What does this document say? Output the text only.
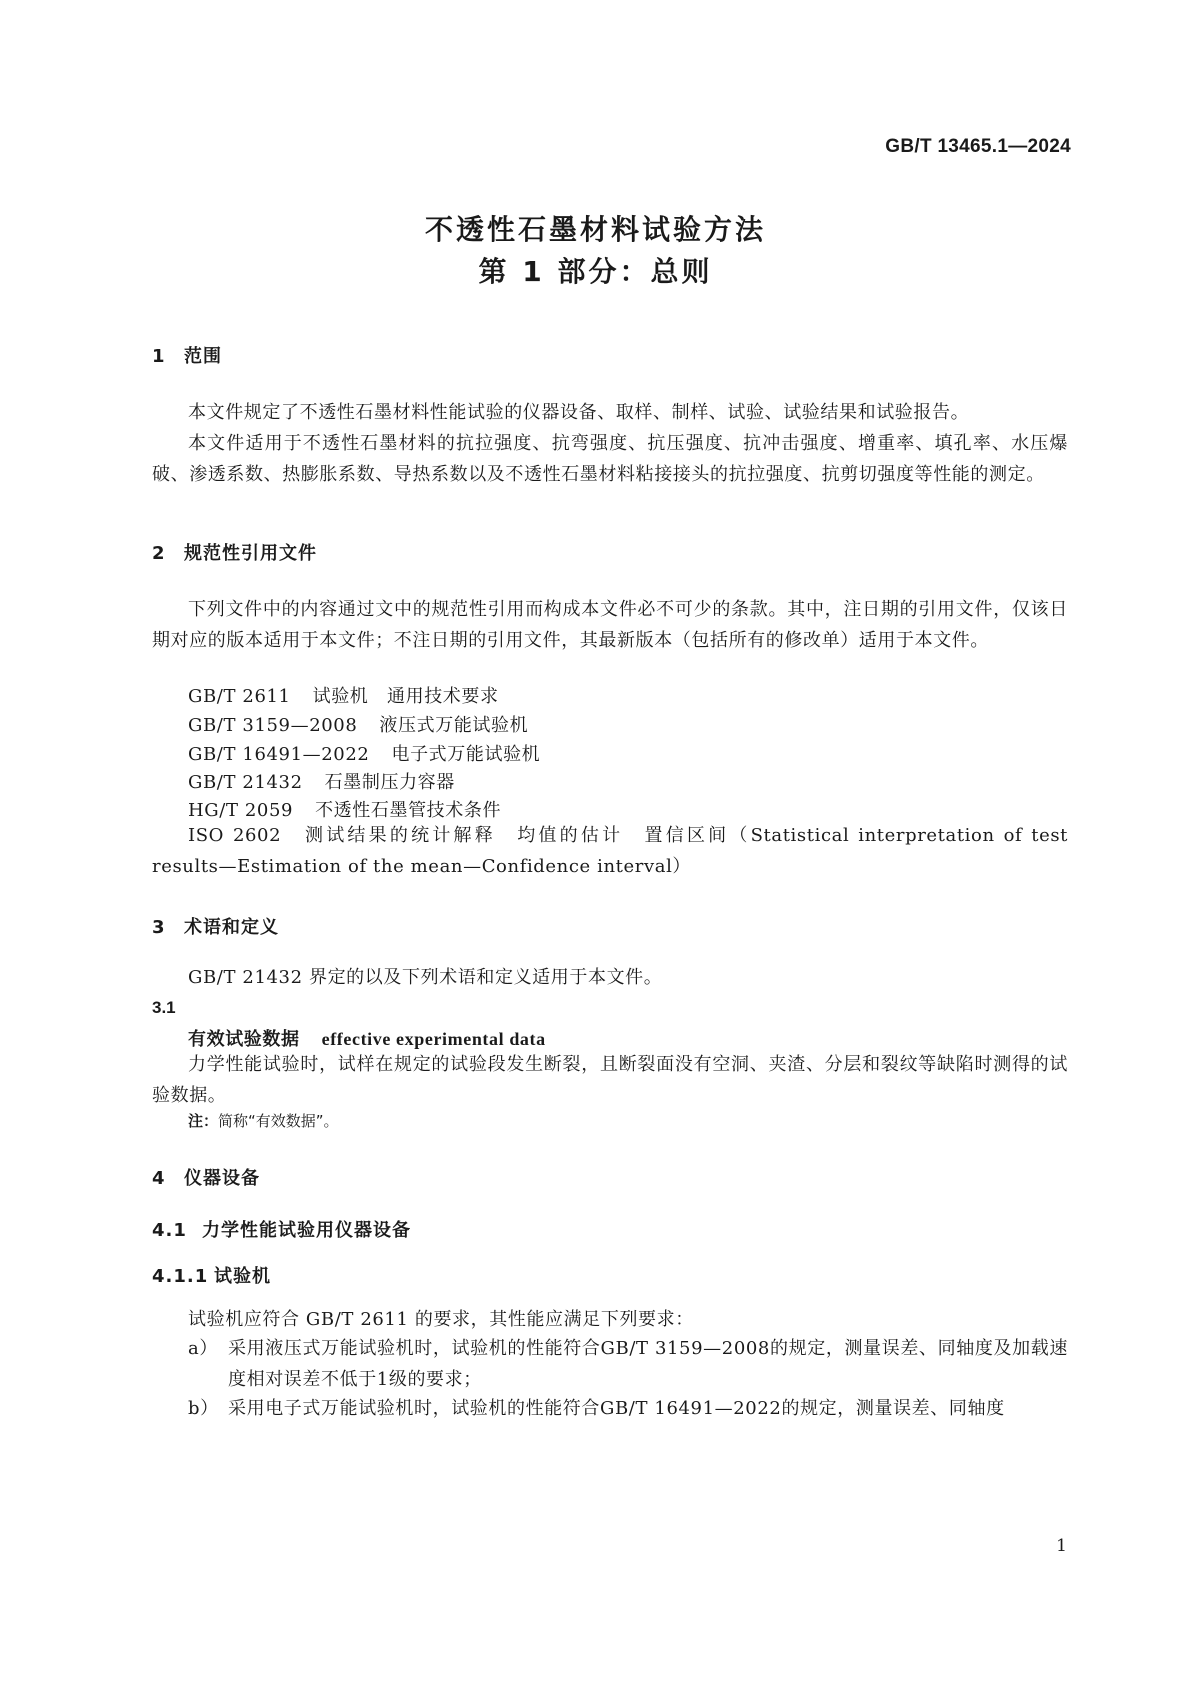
GB/T 13465.1—2024
不透性石墨材料试验方法
第 1 部分：总则
1 范围
本文件规定了不透性石墨材料性能试验的仪器设备、取样、制样、试验、试验结果和试验报告。
本文件适用于不透性石墨材料的抗拉强度、抗弯强度、抗压强度、抗冲击强度、增重率、填孔率、水压爆破、渗透系数、热膨胀系数、导热系数以及不透性石墨材料粘接接头的抗拉强度、抗剪切强度等性能的测定。
2 规范性引用文件
下列文件中的内容通过文中的规范性引用而构成本文件必不可少的条款。其中，注日期的引用文件，仅该日期对应的版本适用于本文件；不注日期的引用文件，其最新版本（包括所有的修改单）适用于本文件。
GB/T 2611 试验机　通用技术要求
GB/T 3159—2008 液压式万能试验机
GB/T 16491—2022 电子式万能试验机
GB/T 21432 石墨制压力容器
HG/T 2059 不透性石墨管技术条件
ISO 2602　测试结果的统计解释　均值的估计　置信区间（Statistical interpretation of test results—Estimation of the mean—Confidence interval）
3 术语和定义
GB/T 21432 界定的以及下列术语和定义适用于本文件。
3.1
有效试验数据 effective experimental data
力学性能试验时，试样在规定的试验段发生断裂，且断裂面没有空洞、夹渣、分层和裂纹等缺陷时测得的试验数据。
注：简称“有效数据”。
4 仪器设备
4.1 力学性能试验用仪器设备
4.1.1 试验机
试验机应符合 GB/T 2611 的要求，其性能应满足下列要求：
a） 采用液压式万能试验机时，试验机的性能符合GB/T 3159—2008的规定，测量误差、同轴度及加载速度相对误差不低于1级的要求；
b） 采用电子式万能试验机时，试验机的性能符合GB/T 16491—2022的规定，测量误差、同轴度
1
